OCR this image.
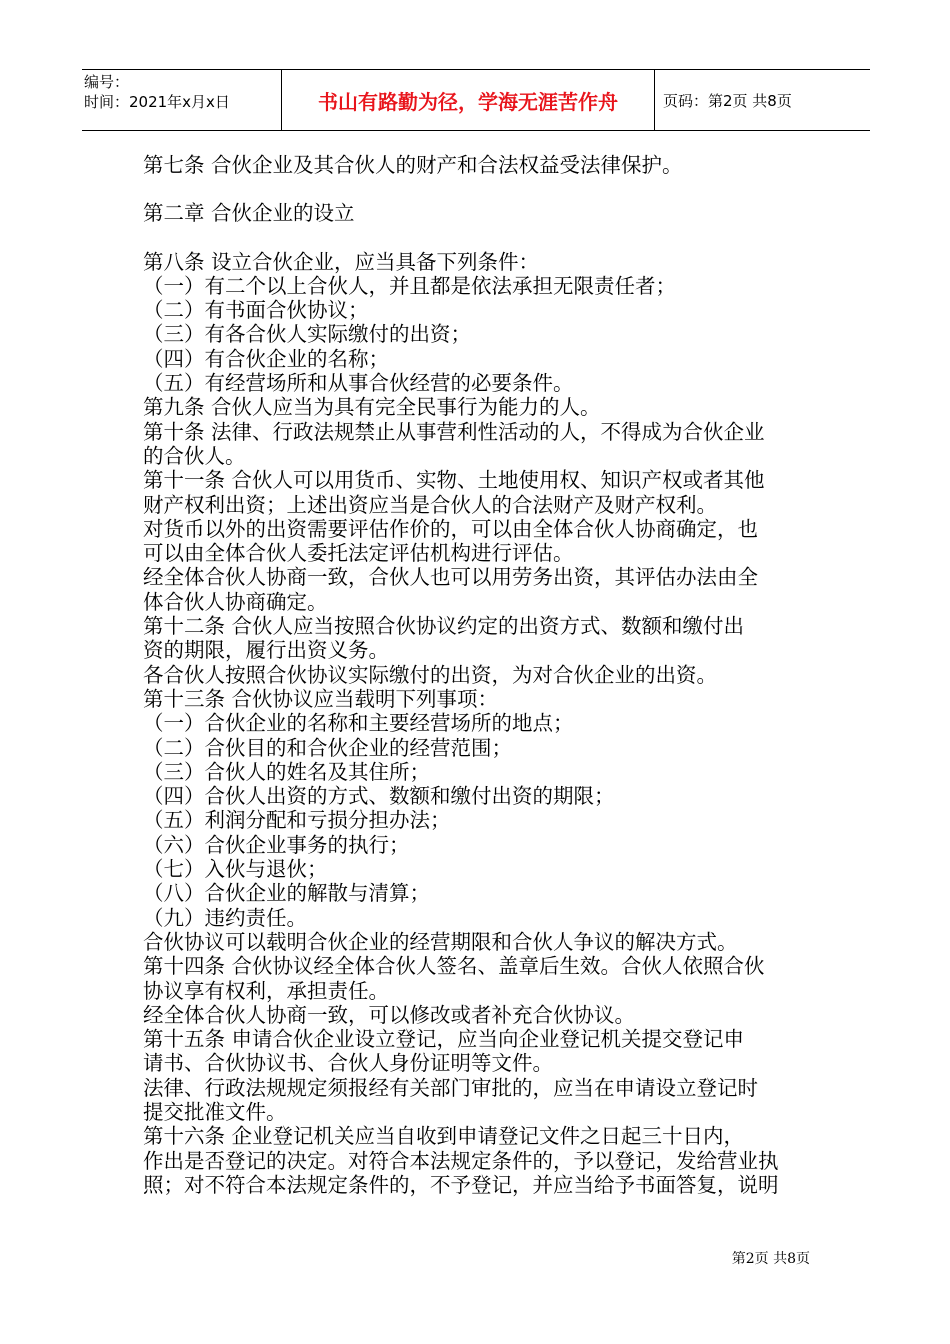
编号：
时间：2021年x月x日	书山有路勤为径，学海无涯苦作舟	页码：第2页 共8页
第七条 合伙企业及其合伙人的财产和合法权益受法律保护。
第二章 合伙企业的设立
第八条 设立合伙企业，应当具备下列条件：
（一）有二个以上合伙人，并且都是依法承担无限责任者；
（二）有书面合伙协议；
（三）有各合伙人实际缴付的出资；
（四）有合伙企业的名称；
（五）有经营场所和从事合伙经营的必要条件。
第九条 合伙人应当为具有完全民事行为能力的人。
第十条 法律、行政法规禁止从事营利性活动的人，不得成为合伙企业
的合伙人。
第十一条 合伙人可以用货币、实物、土地使用权、知识产权或者其他
财产权利出资；上述出资应当是合伙人的合法财产及财产权利。
对货币以外的出资需要评估作价的，可以由全体合伙人协商确定，也
可以由全体合伙人委托法定评估机构进行评估。
经全体合伙人协商一致，合伙人也可以用劳务出资，其评估办法由全
体合伙人协商确定。
第十二条 合伙人应当按照合伙协议约定的出资方式、数额和缴付出
资的期限，履行出资义务。
各合伙人按照合伙协议实际缴付的出资，为对合伙企业的出资。
第十三条 合伙协议应当载明下列事项：
（一）合伙企业的名称和主要经营场所的地点；
（二）合伙目的和合伙企业的经营范围；
（三）合伙人的姓名及其住所；
（四）合伙人出资的方式、数额和缴付出资的期限；
（五）利润分配和亏损分担办法；
（六）合伙企业事务的执行；
（七）入伙与退伙；
（八）合伙企业的解散与清算；
（九）违约责任。
合伙协议可以载明合伙企业的经营期限和合伙人争议的解决方式。
第十四条 合伙协议经全体合伙人签名、盖章后生效。合伙人依照合伙
协议享有权利，承担责任。
经全体合伙人协商一致，可以修改或者补充合伙协议。
第十五条 申请合伙企业设立登记，应当向企业登记机关提交登记申
请书、合伙协议书、合伙人身份证明等文件。
法律、行政法规规定须报经有关部门审批的，应当在申请设立登记时
提交批准文件。
第十六条 企业登记机关应当自收到申请登记文件之日起三十日内，
作出是否登记的决定。对符合本法规定条件的，予以登记，发给营业执
照；对不符合本法规定条件的，不予登记，并应当给予书面答复，说明
第2页 共8页
